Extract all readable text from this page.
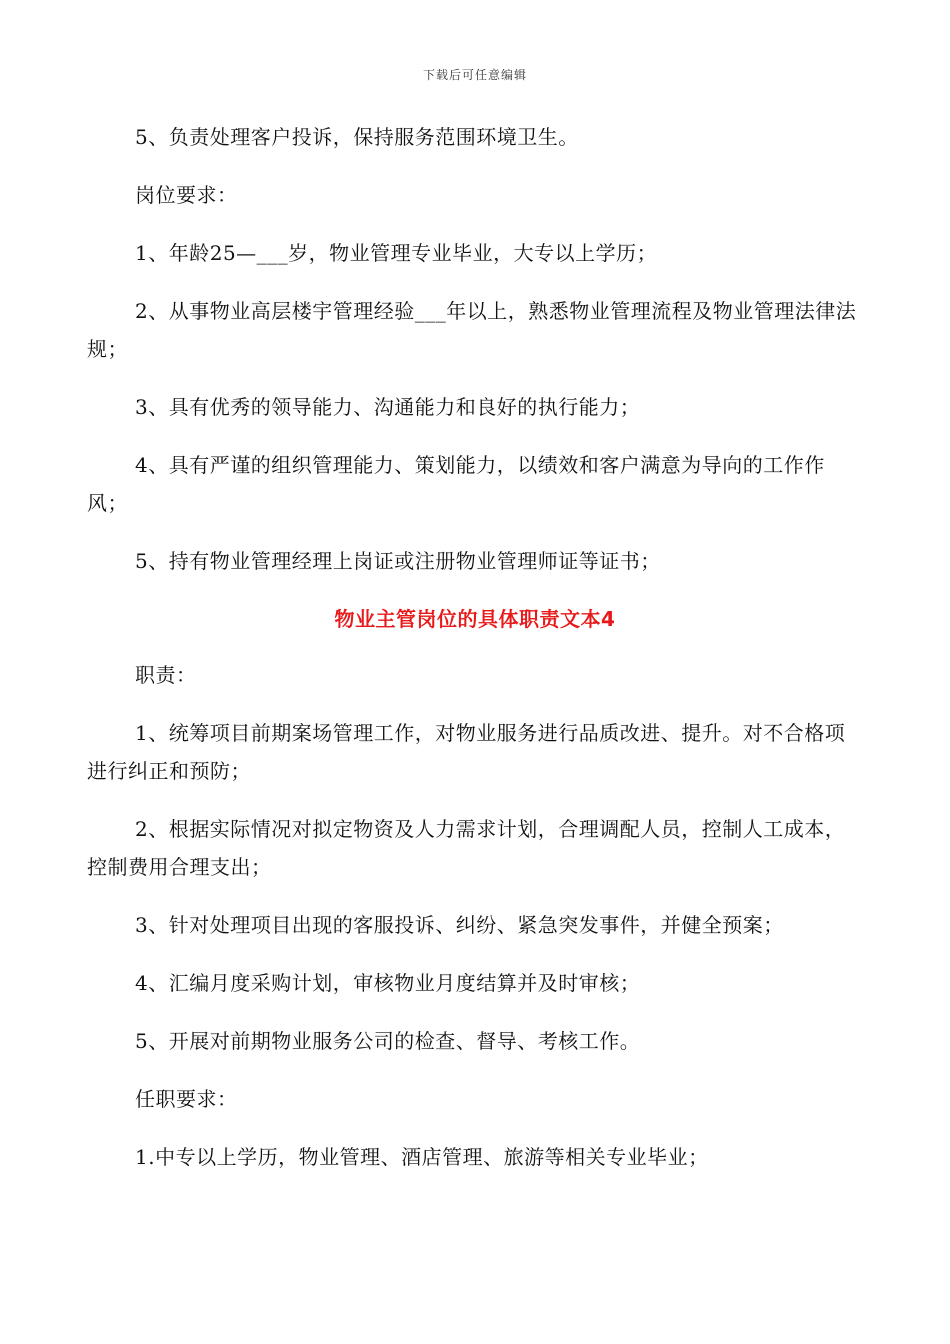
下载后可任意编辑

5、负责处理客户投诉，保持服务范围环境卫生。

岗位要求：

1、年龄25—___岁，物业管理专业毕业，大专以上学历；

2、从事物业高层楼宇管理经验___年以上，熟悉物业管理流程及物业管理法律法规；

3、具有优秀的领导能力、沟通能力和良好的执行能力；

4、具有严谨的组织管理能力、策划能力，以绩效和客户满意为导向的工作作风；

5、持有物业管理经理上岗证或注册物业管理师证等证书；

物业主管岗位的具体职责文本4

职责：

1、统筹项目前期案场管理工作，对物业服务进行品质改进、提升。对不合格项进行纠正和预防；

2、根据实际情况对拟定物资及人力需求计划，合理调配人员，控制人工成本，控制费用合理支出；

3、针对处理项目出现的客服投诉、纠纷、紧急突发事件，并健全预案；

4、汇编月度采购计划，审核物业月度结算并及时审核；

5、开展对前期物业服务公司的检查、督导、考核工作。

任职要求：

1.中专以上学历，物业管理、酒店管理、旅游等相关专业毕业；
